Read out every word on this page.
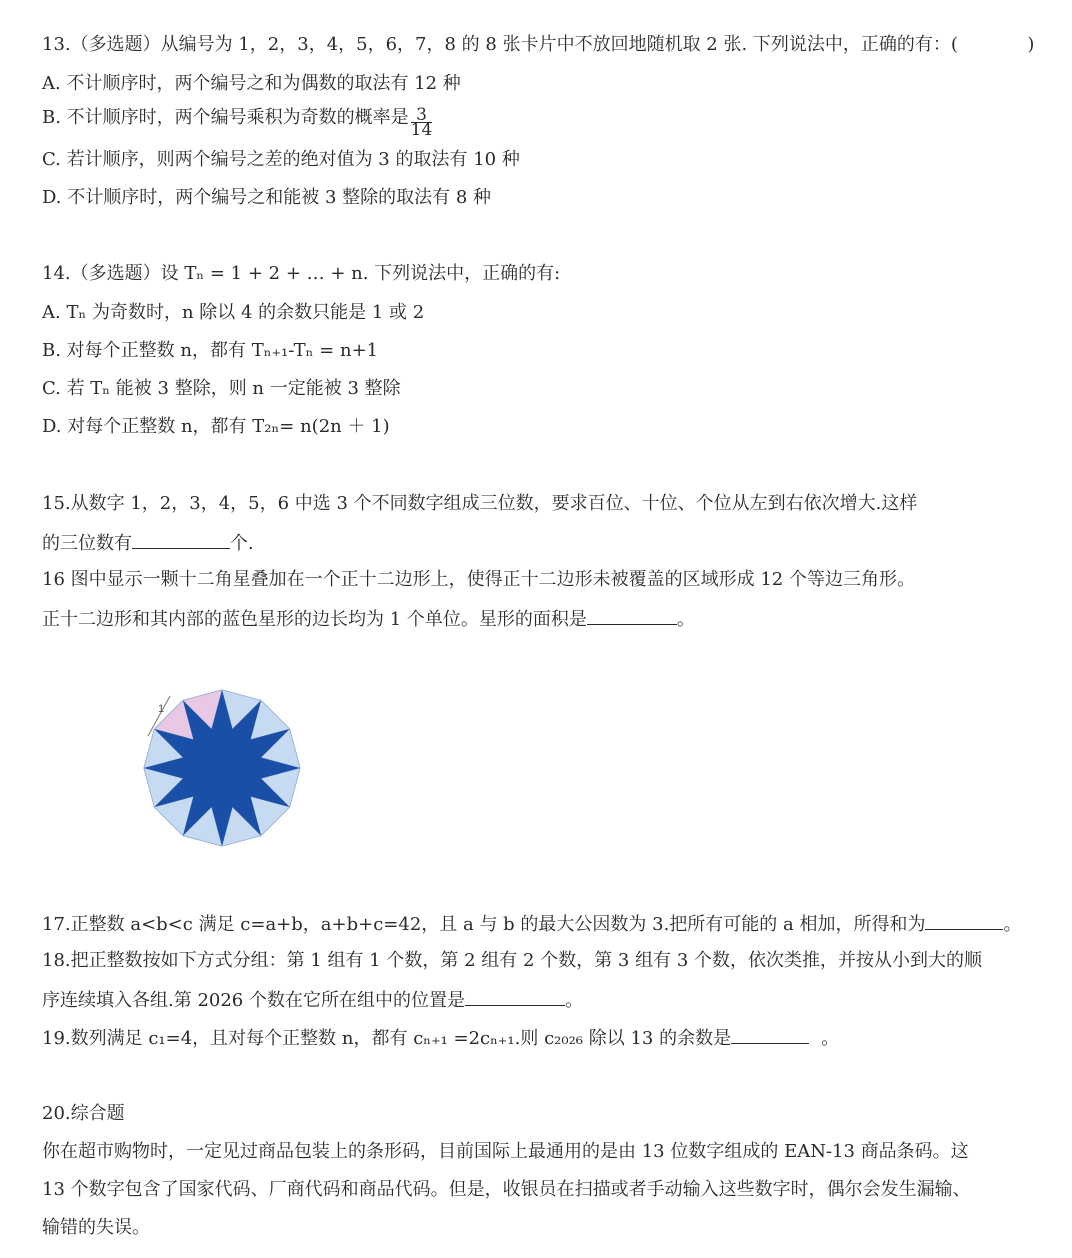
13.（多选题）从编号为 1，2，3，4，5，6，7，8 的 8 张卡片中不放回地随机取 2 张. 下列说法中，正确的有：(	)
A. 不计顺序时，两个编号之和为偶数的取法有 12 种
B. 不计顺序时，两个编号乘积为奇数的概率是 $\frac{3}{14}$
C. 若计顺序，则两个编号之差的绝对值为 3 的取法有 10 种
D. 不计顺序时，两个编号之和能被 3 整除的取法有 8 种
14.（多选题）设 Tₙ = 1 + 2 + … + n. 下列说法中，正确的有:
A. Tₙ 为奇数时，n 除以 4 的余数只能是 1 或 2
B. 对每个正整数 n，都有 Tₙ₊₁-Tₙ = n+1
C. 若 Tₙ 能被 3 整除，则 n 一定能被 3 整除
D. 对每个正整数 n，都有 T₂ₙ= n(2n ＋ 1)
15.从数字 1，2，3，4，5，6 中选 3 个不同数字组成三位数，要求百位、十位、个位从左到右依次增大.这样
的三位数有	个.
16 图中显示一颗十二角星叠加在一个正十二边形上，使得正十二边形未被覆盖的区域形成 12 个等边三角形。
正十二边形和其内部的蓝色星形的边长均为 1 个单位。星形的面积是	。
1
17.正整数 a<b<c 满足 c=a+b，a+b+c=42，且 a 与 b 的最大公因数为 3.把所有可能的 a 相加，所得和为	。
18.把正整数按如下方式分组：第 1 组有 1 个数，第 2 组有 2 个数，第 3 组有 3 个数，依次类推，并按从小到大的顺
序连续填入各组.第 2026 个数在它所在组中的位置是	。
19.数列满足 c₁=4，且对每个正整数 n，都有 cₙ₊₁ =2cₙ₊₁.则 c₂₀₂₆ 除以 13 的余数是	。
20.综合题
你在超市购物时，一定见过商品包装上的条形码，目前国际上最通用的是由 13 位数字组成的 EAN-13 商品条码。这
13 个数字包含了国家代码、厂商代码和商品代码。但是，收银员在扫描或者手动输入这些数字时，偶尔会发生漏输、
输错的失误。
